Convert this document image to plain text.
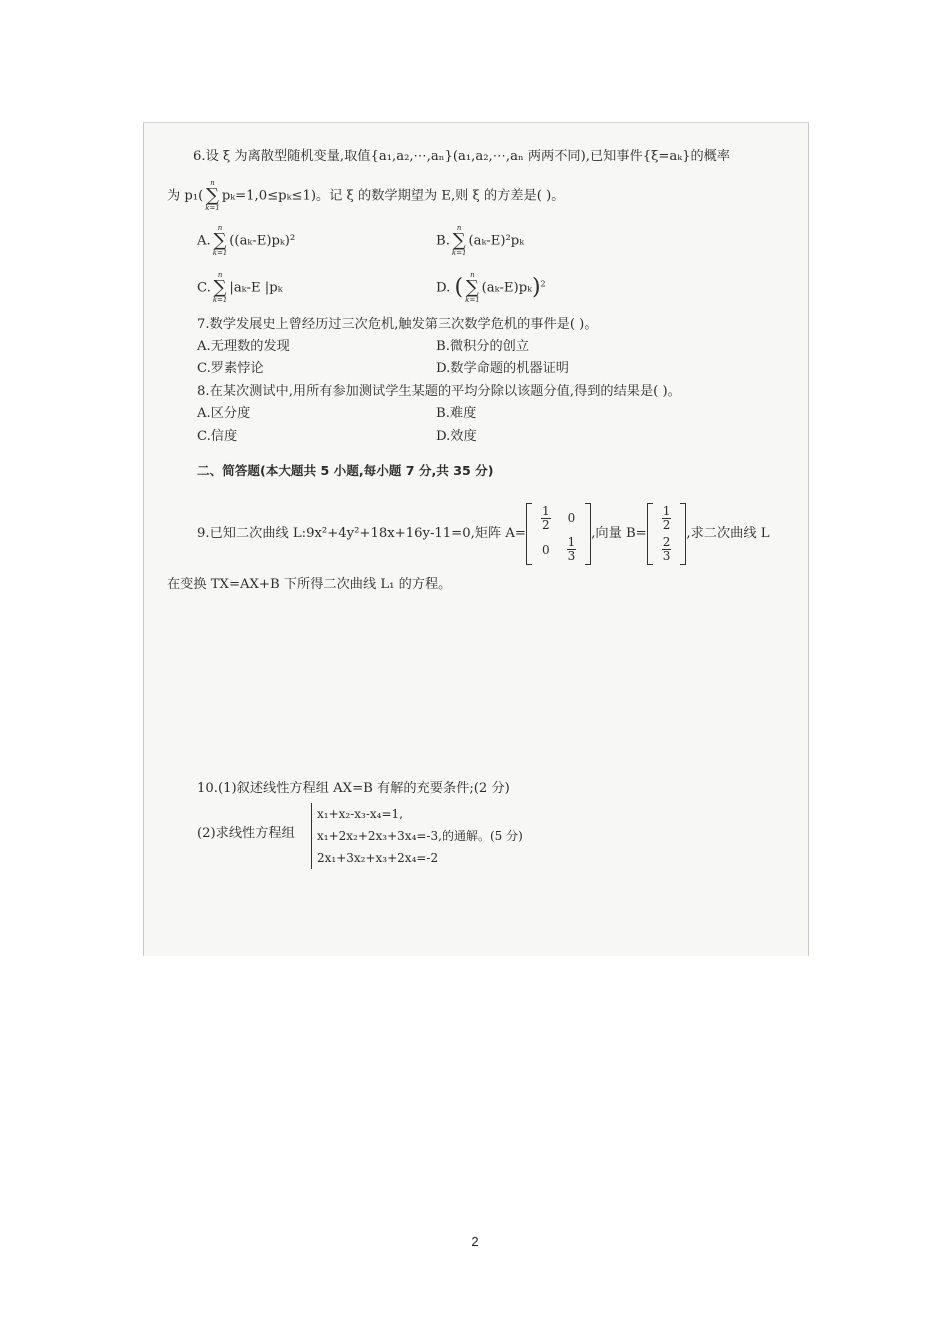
6.设 ξ 为离散型随机变量,取值{a₁,a₂,⋯,aₙ}(a₁,a₂,⋯,aₙ 两两不同),已知事件{ξ=aₖ}的概率
为 p₁(
n
∑
k=1
pₖ=1,0≤pₖ≤1)。记 ξ 的数学期望为 E,则 ξ 的方差是( )。
A.
n
∑
k=1
((aₖ-E)pₖ)²	B.
n
∑
k=1
(aₖ-E)²pₖ
C.
n
∑
k=1
|aₖ-E |pₖ	D. (	n
∑
k=1
(aₖ-E)pₖ)$^2$
7.数学发展史上曾经历过三次危机,触发第三次数学危机的事件是( )。
A.无理数的发现	B.微积分的创立
C.罗素悖论	D.数学命题的机器证明
8.在某次测试中,用所有参加测试学生某题的平均分除以该题分值,得到的结果是( )。
A.区分度	B.难度
C.信度	D.效度
二、简答题(本大题共 5 小题,每小题 7 分,共 35 分)
9.已知二次曲线 L:9x²+4y²+18x+16y-11=0,矩阵 A=
$\frac{1}{2}$	0
0	$\frac{1}{3}$
,向量 B=
$\frac{1}{2}$

$\frac{2}{3}$
,求二次曲线 L
在变换 TX=AX+B 下所得二次曲线 L₁ 的方程。
10.(1)叙述线性方程组 AX=B 有解的充要条件;(2 分)
(2)求线性方程组
x₁+x₂-x₃-x₄=1,
x₁+2x₂+2x₃+3x₄=-3,的通解。(5 分)
2x₁+3x₂+x₃+2x₄=-2
2
